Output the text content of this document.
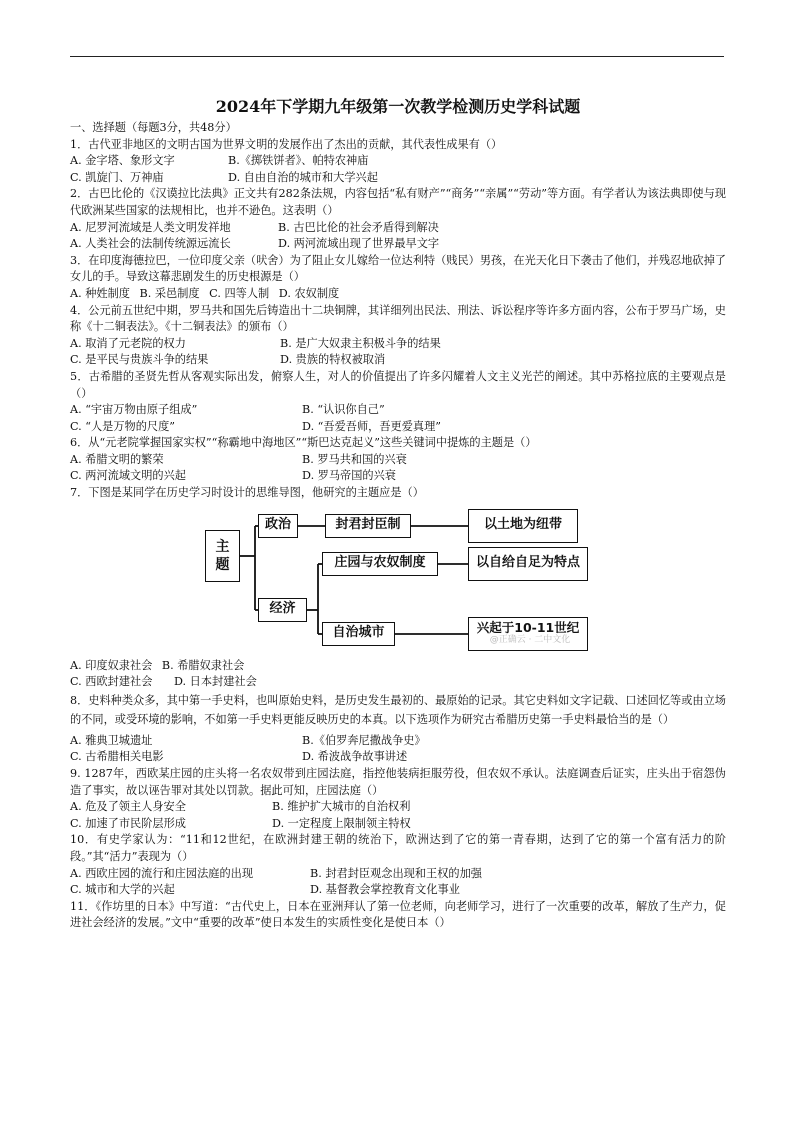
2024年下学期九年级第一次教学检测历史学科试题
一、选择题（每题3分，共48分）
1．古代亚非地区的文明古国为世界文明的发展作出了杰出的贡献，其代表性成果有（）
A. 金字塔、象形文字	B.《掷铁饼者》、帕特农神庙
C. 凯旋门、万神庙	D. 自由自治的城市和大学兴起
2．古巴比伦的《汉谟拉比法典》正文共有282条法规，内容包括“私有财产”“商务”“亲属”“劳动”等方面。有学者认为该法典即使与现代欧洲某些国家的法规相比，也并不逊色。这表明（）
A. 尼罗河流域是人类文明发祥地	B. 古巴比伦的社会矛盾得到解决
A. 人类社会的法制传统源远流长	D. 两河流域出现了世界最早文字
3．在印度海德拉巴，一位印度父亲（吠舍）为了阻止女儿嫁给一位达利特（贱民）男孩，在光天化日下袭击了他们，并残忍地砍掉了女儿的手。导致这幕悲剧发生的历史根源是（）
A. 种姓制度 B. 采邑制度 C. 四等人制 D. 农奴制度
4．公元前五世纪中期，罗马共和国先后铸造出十二块铜牌，其详细列出民法、刑法、诉讼程序等许多方面内容，公布于罗马广场，史称《十二铜表法》。《十二铜表法》的颁布（）
A. 取消了元老院的权力	B. 是广大奴隶主积极斗争的结果
C. 是平民与贵族斗争的结果	D. 贵族的特权被取消
5．古希腊的圣贤先哲从客观实际出发，俯察人生，对人的价值提出了许多闪耀着人文主义光芒的阐述。其中苏格拉底的主要观点是（）
A. “宇宙万物由原子组成”	B. “认识你自己”
C. “人是万物的尺度”	D. “吾爱吾师，吾更爱真理”
6．从“元老院掌握国家实权”“称霸地中海地区”“斯巴达克起义”这些关键词中提炼的主题是（）
A. 希腊文明的繁荣	B. 罗马共和国的兴衰
C. 两河流域文明的兴起	D. 罗马帝国的兴衰
7．下图是某同学在历史学习时设计的思维导图，他研究的主题应是（）
主
题
政治
经济
封君封臣制	以土地为纽带
庄园与农奴制度	以自给自足为特点
自治城市	兴起于10-11世纪
@正确云 · 二中文化
A. 印度奴隶社会 B. 希腊奴隶社会
C. 西欧封建社会 D. 日本封建社会
8．史料种类众多，其中第一手史料，也叫原始史料，是历史发生最初的、最原始的记录。其它史料如文字记载、口述回忆等或由立场的不同，或受环境的影响，不如第一手史料更能反映历史的本真。以下选项作为研究古希腊历史第一手史料最恰当的是（）
A. 雅典卫城遗址	B.《伯罗奔尼撒战争史》
C. 古希腊相关电影	D. 希波战争故事讲述
9. 1287年，西欧某庄园的庄头将一名农奴带到庄园法庭，指控他装病拒服劳役，但农奴不承认。法庭调查后证实，庄头出于宿怨伪造了事实，故以诬告罪对其处以罚款。据此可知，庄园法庭（）
A. 危及了领主人身安全	B. 维护扩大城市的自治权利
C. 加速了市民阶层形成	D. 一定程度上限制领主特权
10．有史学家认为：“11和12世纪，在欧洲封建王朝的统治下，欧洲达到了它的第一青春期，达到了它的第一个富有活力的阶段。”其“活力”表现为（）
A. 西欧庄园的流行和庄园法庭的出现	B. 封君封臣观念出现和王权的加强
C. 城市和大学的兴起	D. 基督教会掌控教育文化事业
11．《作坊里的日本》中写道：“古代史上，日本在亚洲拜认了第一位老师，向老师学习，进行了一次重要的改革，解放了生产力，促进社会经济的发展。”文中“重要的改革”使日本发生的实质性变化是使日本（）
